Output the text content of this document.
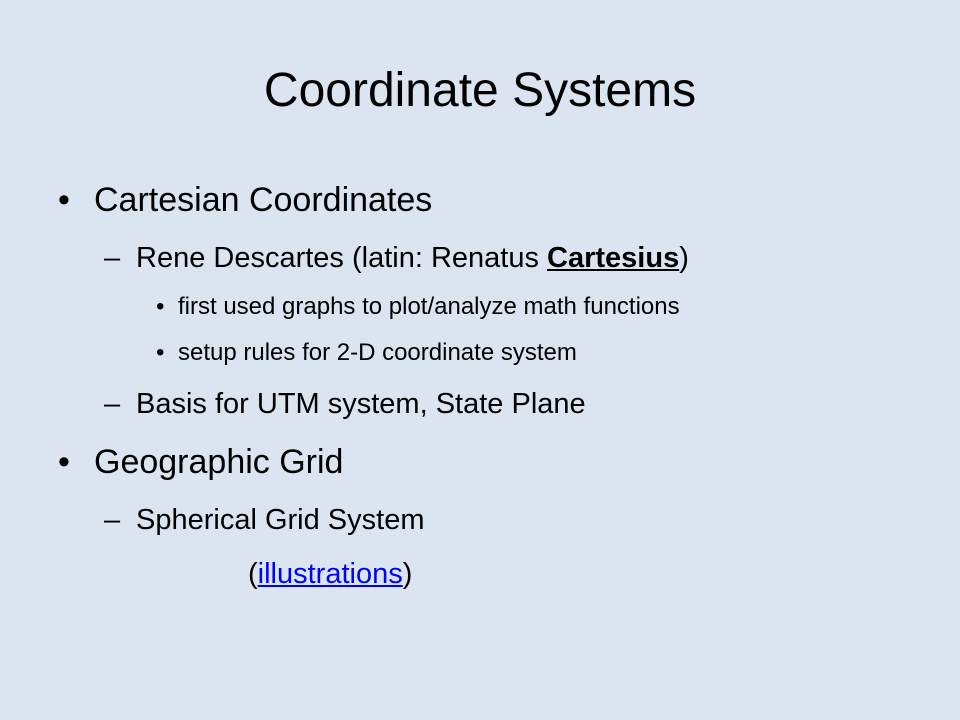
Coordinate Systems
• Cartesian Coordinates
– Rene Descartes (latin: Renatus Cartesius)
• first used graphs to plot/analyze math functions
• setup rules for 2-D coordinate system
– Basis for UTM system, State Plane
• Geographic Grid
– Spherical Grid System
(illustrations)
